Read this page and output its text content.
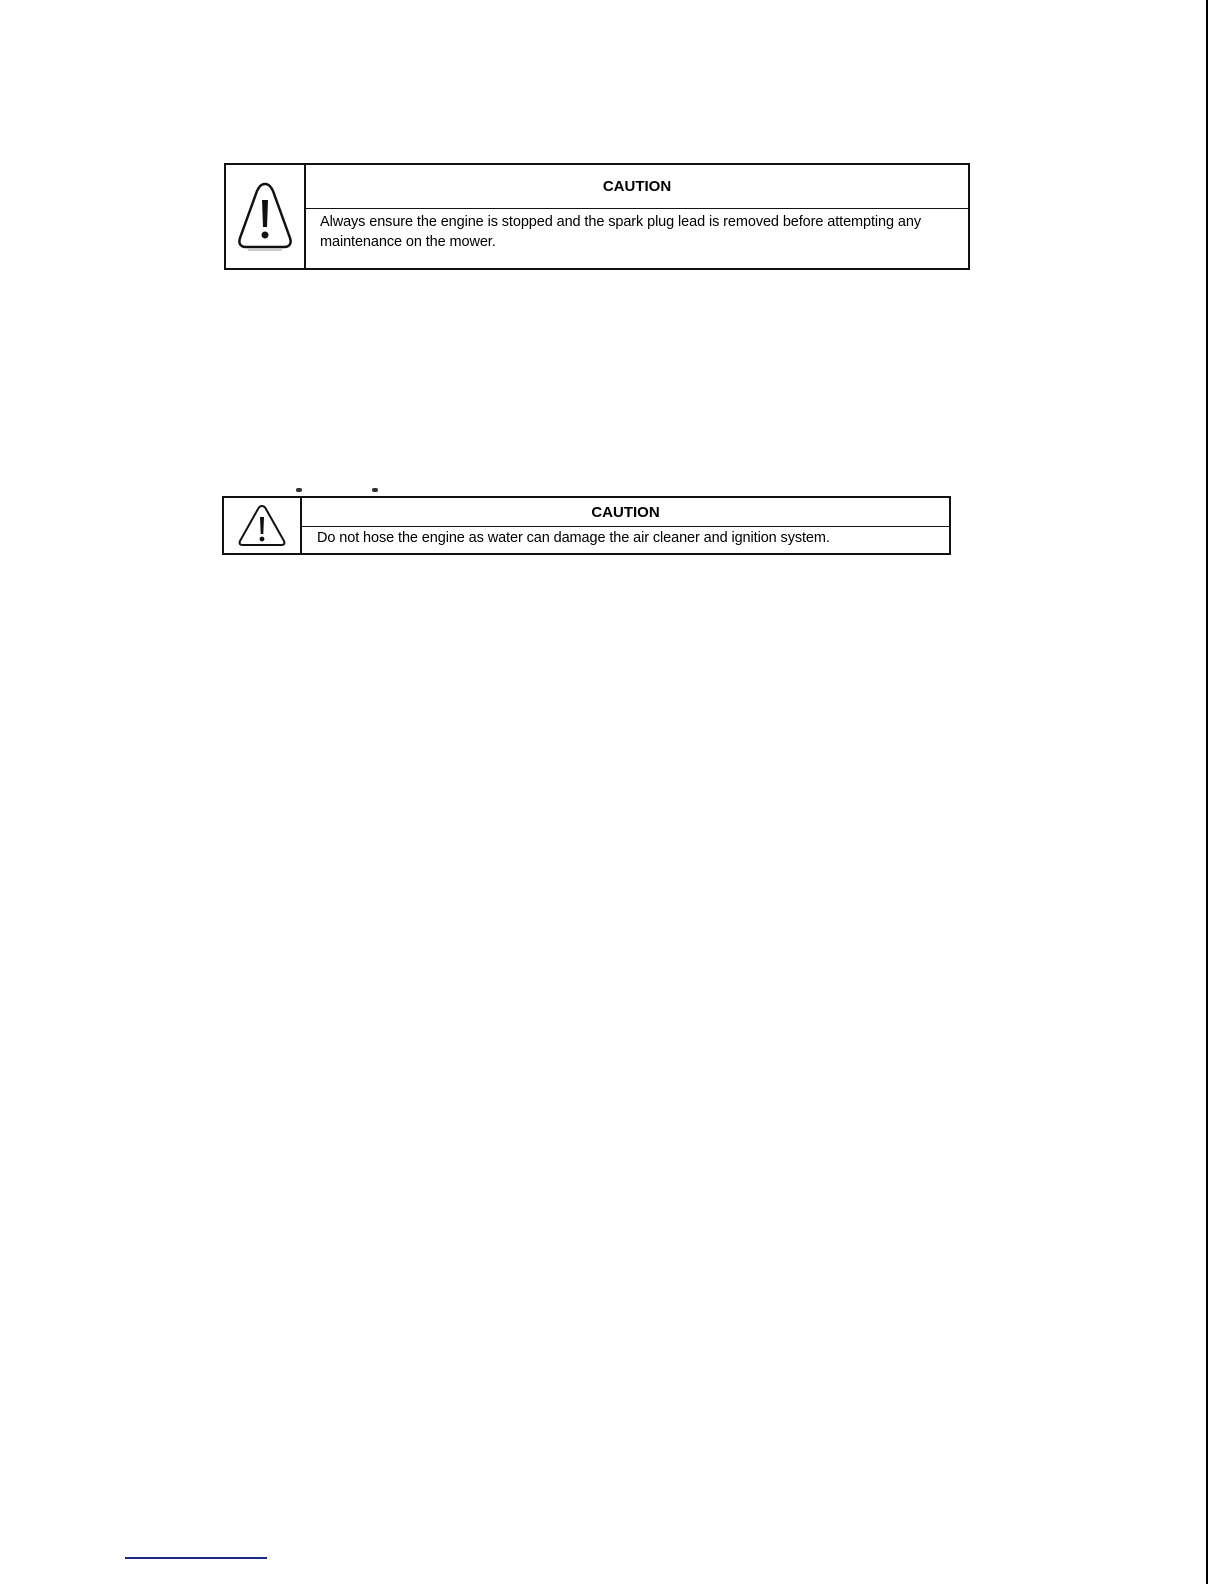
CAUTION
Always ensure the engine is stopped and the spark plug lead is removed before attempting any maintenance on the mower.
CAUTION
Do not hose the engine as water can damage the air cleaner and ignition system.
